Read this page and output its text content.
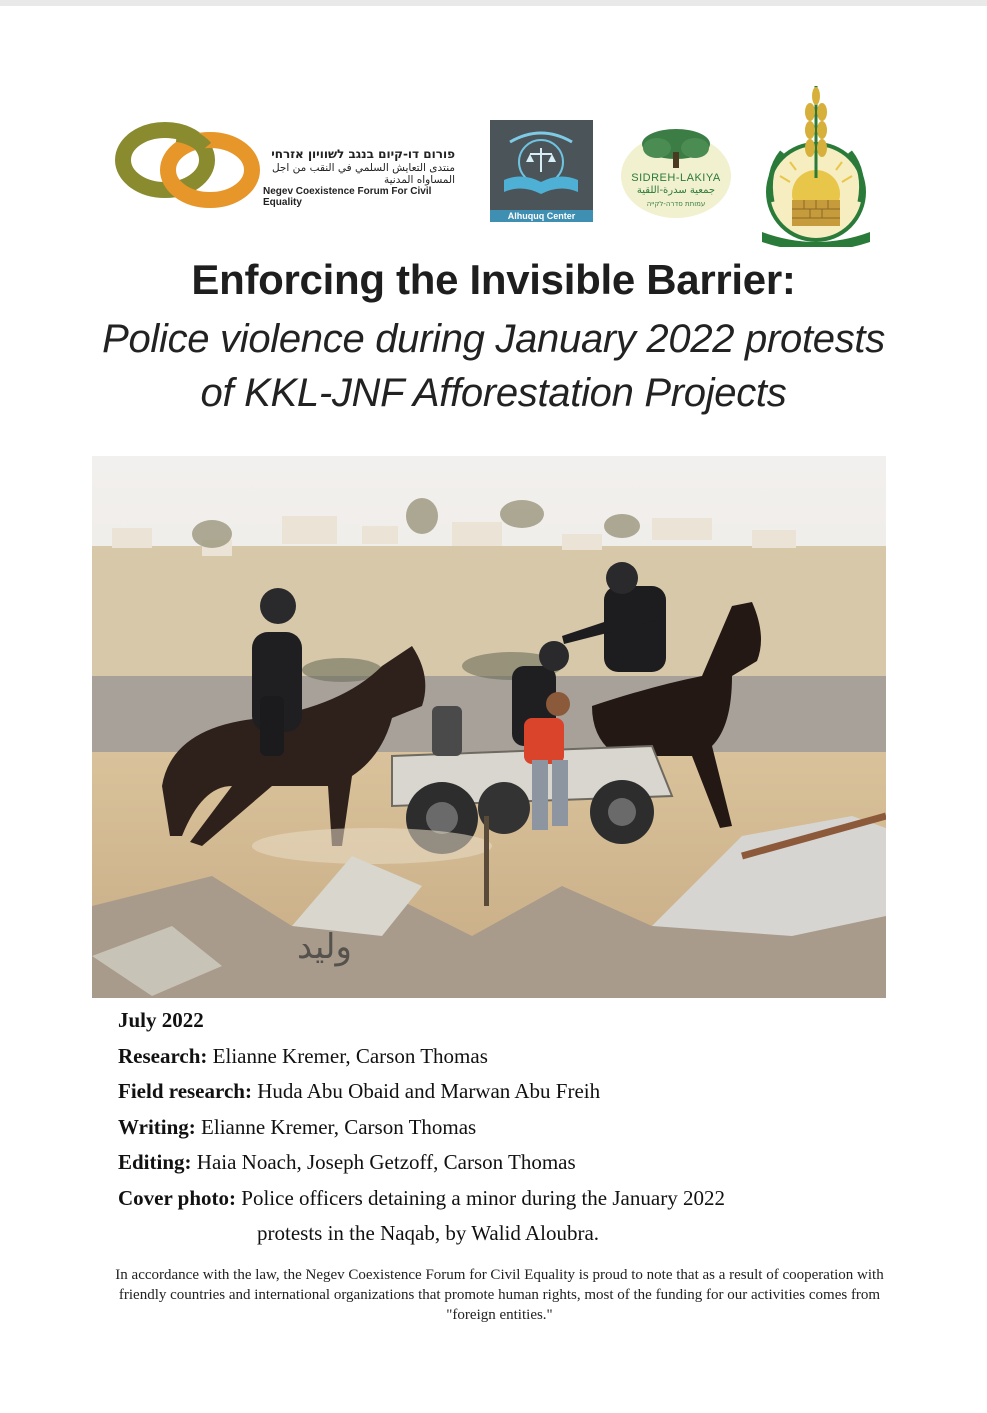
פורום דו-קיום בנגב לשוויון אזרחי
منتدى التعايش السلمي في النقب من اجل المساواه المدنية
Negev Coexistence Forum For Civil Equality
Alhuquq Center
SIDREH-LAKIYA
جمعية سدرة-اللقية
עמותת סדרה-לקייה
Enforcing the Invisible Barrier:
Police violence during January 2022 protests
of KKL-JNF Afforestation Projects
وليد
July 2022
Research: Elianne Kremer, Carson Thomas
Field research: Huda Abu Obaid and Marwan Abu Freih
Writing: Elianne Kremer, Carson Thomas
Editing: Haia Noach, Joseph Getzoff, Carson Thomas
Cover photo: Police officers detaining a minor during the January 2022
protests in the Naqab, by Walid Aloubra.
In accordance with the law, the Negev Coexistence Forum for Civil Equality is proud to note that as a result of cooperation with friendly countries and international organizations that promote human rights, most of the funding for our activities comes from "foreign entities."
